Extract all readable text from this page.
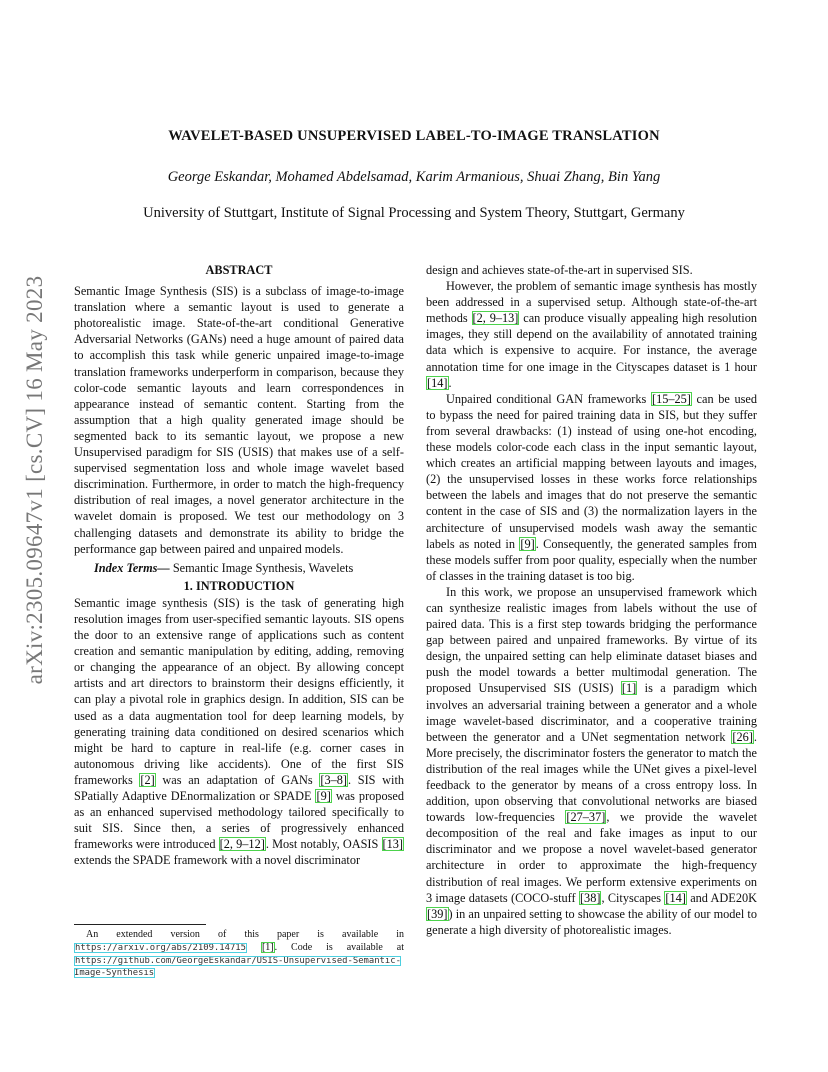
arXiv:2305.09647v1 [cs.CV] 16 May 2023
WAVELET-BASED UNSUPERVISED LABEL-TO-IMAGE TRANSLATION
George Eskandar, Mohamed Abdelsamad, Karim Armanious, Shuai Zhang, Bin Yang
University of Stuttgart, Institute of Signal Processing and System Theory, Stuttgart, Germany
ABSTRACT

Semantic Image Synthesis (SIS) is a subclass of image-to-image translation where a semantic layout is used to generate a photorealistic image. State-of-the-art conditional Generative Adversarial Networks (GANs) need a huge amount of paired data to accomplish this task while generic unpaired image-to-image translation frameworks underperform in comparison, because they color-code semantic layouts and learn correspondences in appearance instead of semantic content. Starting from the assumption that a high quality generated image should be segmented back to its semantic layout, we propose a new Unsupervised paradigm for SIS (USIS) that makes use of a self-supervised segmentation loss and whole image wavelet based discrimination. Furthermore, in order to match the high-frequency distribution of real images, a novel generator architecture in the wavelet domain is proposed. We test our methodology on 3 challenging datasets and demonstrate its ability to bridge the performance gap between paired and unpaired models.

Index Terms— Semantic Image Synthesis, Wavelets

1. INTRODUCTION

Semantic image synthesis (SIS) is the task of generating high resolution images from user-specified semantic layouts. SIS opens the door to an extensive range of applications such as content creation and semantic manipulation by editing, adding, removing or changing the appearance of an object. By allowing concept artists and art directors to brainstorm their designs efficiently, it can play a pivotal role in graphics design. In addition, SIS can be used as a data augmentation tool for deep learning models, by generating training data conditioned on desired scenarios which might be hard to capture in real-life (e.g. corner cases in autonomous driving like accidents). One of the first SIS frameworks [2] was an adaptation of GANs [3–8]. SIS with SPatially Adaptive DEnormalization or SPADE [9] was proposed as an enhanced supervised methodology tailored specifically to suit SIS. Since then, a series of progressively enhanced frameworks were introduced [2, 9–12]. Most notably, OASIS [13] extends the SPADE framework with a novel discriminator

design and achieves state-of-the-art in supervised SIS.

However, the problem of semantic image synthesis has mostly been addressed in a supervised setup. Although state-of-the-art methods [2, 9–13] can produce visually appealing high resolution images, they still depend on the availability of annotated training data which is expensive to acquire. For instance, the average annotation time for one image in the Cityscapes dataset is 1 hour [14].

Unpaired conditional GAN frameworks [15–25] can be used to bypass the need for paired training data in SIS, but they suffer from several drawbacks: (1) instead of using one-hot encoding, these models color-code each class in the input semantic layout, which creates an artificial mapping between layouts and images, (2) the unsupervised losses in these works force relationships between the labels and images that do not preserve the semantic content in the case of SIS and (3) the normalization layers in the architecture of unsupervised models wash away the semantic labels as noted in [9]. Consequently, the generated samples from these models suffer from poor quality, especially when the number of classes in the training dataset is too big.

In this work, we propose an unsupervised framework which can synthesize realistic images from labels without the use of paired data. This is a first step towards bridging the performance gap between paired and unpaired frameworks. By virtue of its design, the unpaired setting can help eliminate dataset biases and push the model towards a better multimodal generation. The proposed Unsupervised SIS (USIS) [1] is a paradigm which involves an adversarial training between a generator and a whole image wavelet-based discriminator, and a cooperative training between the generator and a UNet segmentation network [26]. More precisely, the discriminator fosters the generator to match the distribution of the real images while the UNet gives a pixel-level feedback to the generator by means of a cross entropy loss. In addition, upon observing that convolutional networks are biased towards low-frequencies [27–37], we provide the wavelet decomposition of the real and fake images as input to our discriminator and we propose a novel wavelet-based generator architecture in order to approximate the high-frequency distribution of real images. We perform extensive experiments on 3 image datasets (COCO-stuff [38], Cityscapes [14] and ADE20K [39]) in an unpaired setting to showcase the ability of our model to generate a high diversity of photorealistic images.

An extended version of this paper is available in https://arxiv.org/abs/2109.14715 [1]. Code is available at https://github.com/GeorgeEskandar/USIS-Unsupervised-Semantic-Image-Synthesis
